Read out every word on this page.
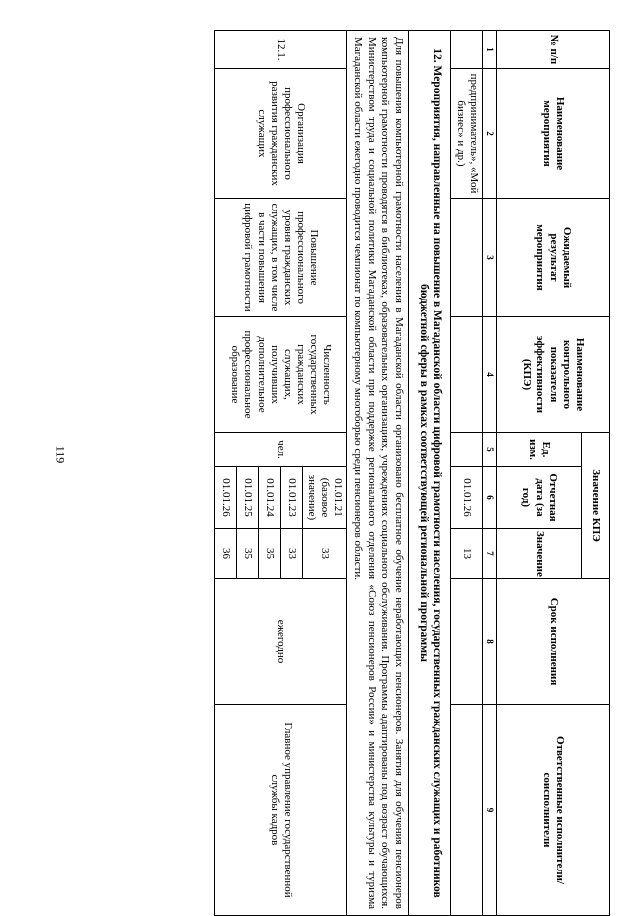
119
№ п/п	Наименование мероприятия	Ожидаемый результат мероприятия	Наименование контрольного показателя эффективности (КПЭ)	Значение КПЭ			Срок исполнения	Ответственные исполнители/ соисполнители
				Ед. изм.	Отчетная дата (за год)	Значение		
1	2	3	4	5	6	7	8	9
	предприниматель», «Мой бизнес» и др.)				01.01.26	13		
12. Мероприятия, направленные на повышение в Магаданской области цифровой грамотности населения, государственных гражданских служащих и работников бюджетной сферы в рамках соответствующей региональной программы								
Для повышения компьютерной грамотности населения в Магаданской области организовано бесплатное обучение неработающих пенсионеров. Занятия для обучения пенсионеров компьютерной грамотности проводятся в библиотеках, образовательных организациях, учреждениях социального обслуживания. Программы адаптированы под возраст обучающихся. Министерством труда и социальной политики Магаданской области при поддержке регионального отделения «Союз пенсионеров России» и министерства культуры и туризма Магаданской области ежегодно проводится чемпионат по компьютерному многоборью среди пенсионеров области.								
12.1.	Организация профессионального развития гражданских служащих	Повышение профессионального уровня гражданских служащих, в том числе в части повышения цифровой грамотности	Численность государственных гражданских служащих, получивших дополнительное профессиональное образование	чел.	01.01.21 (базовое значение)	33	ежегодно	Главное управление государственной службы кадров
					01.01.23	33		
					01.01.24	35		
					01.01.25	35		
					01.01.26	36		
